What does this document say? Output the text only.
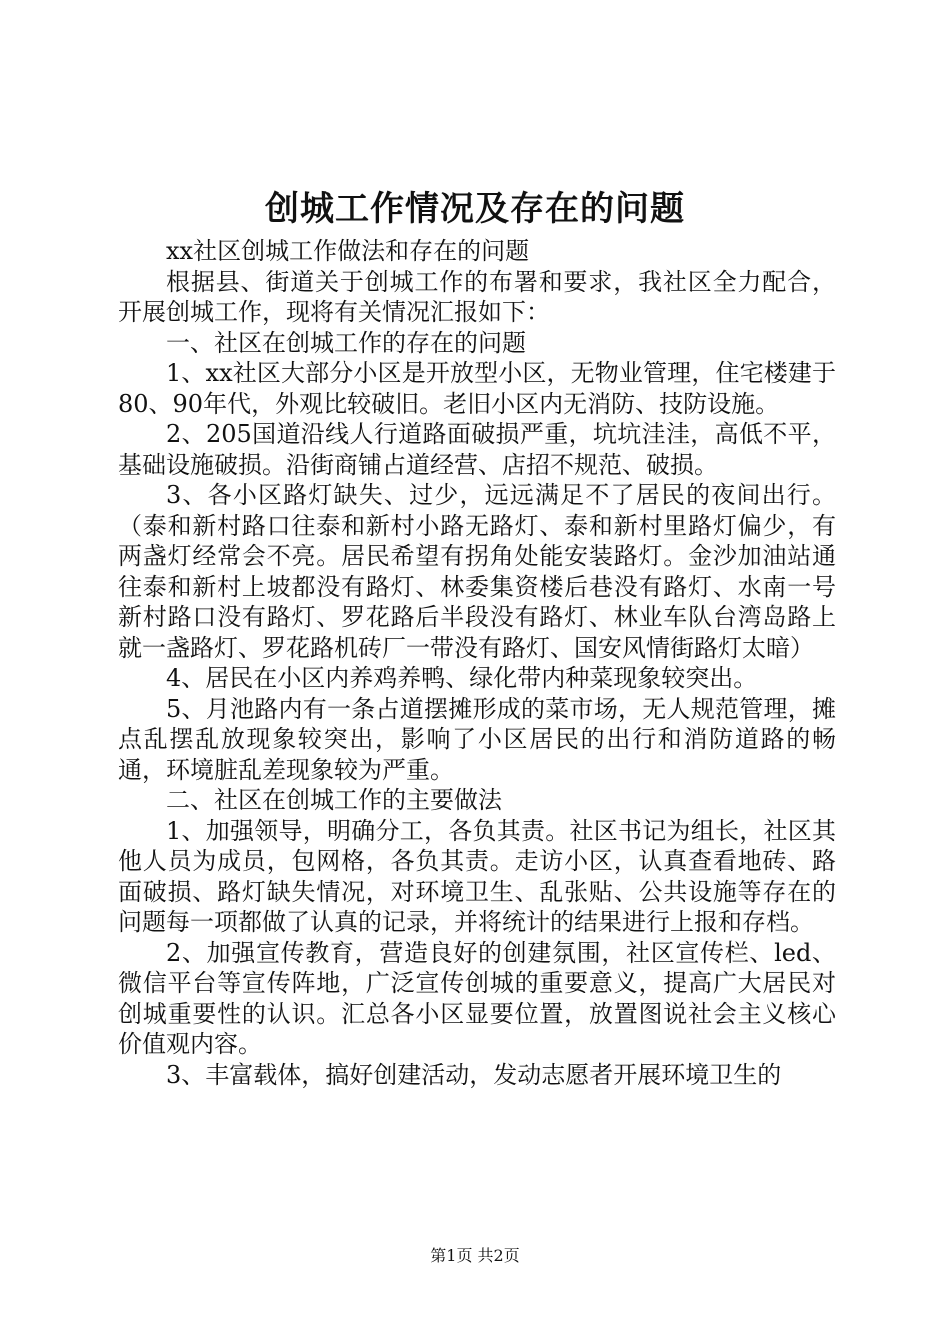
创城工作情况及存在的问题

xx社区创城工作做法和存在的问题

根据县、街道关于创城工作的布署和要求，我社区全力配合，开展创城工作，现将有关情况汇报如下：

一、社区在创城工作的存在的问题

1、xx社区大部分小区是开放型小区，无物业管理，住宅楼建于80、90年代，外观比较破旧。老旧小区内无消防、技防设施。

2、205国道沿线人行道路面破损严重，坑坑洼洼，高低不平，基础设施破损。沿街商铺占道经营、店招不规范、破损。

3、各小区路灯缺失、过少，远远满足不了居民的夜间出行。（泰和新村路口往泰和新村小路无路灯、泰和新村里路灯偏少，有两盏灯经常会不亮。居民希望有拐角处能安装路灯。金沙加油站通往泰和新村上坡都没有路灯、林委集资楼后巷没有路灯、水南一号新村路口没有路灯、罗花路后半段没有路灯、林业车队台湾岛路上就一盏路灯、罗花路机砖厂一带没有路灯、国安风情街路灯太暗）

4、居民在小区内养鸡养鸭、绿化带内种菜现象较突出。

5、月池路内有一条占道摆摊形成的菜市场，无人规范管理，摊点乱摆乱放现象较突出，影响了小区居民的出行和消防道路的畅通，环境脏乱差现象较为严重。

二、社区在创城工作的主要做法

1、加强领导，明确分工，各负其责。社区书记为组长，社区其他人员为成员，包网格，各负其责。走访小区，认真查看地砖、路面破损、路灯缺失情况，对环境卫生、乱张贴、公共设施等存在的问题每一项都做了认真的记录，并将统计的结果进行上报和存档。

2、加强宣传教育，营造良好的创建氛围，社区宣传栏、led、微信平台等宣传阵地，广泛宣传创城的重要意义，提高广大居民对创城重要性的认识。汇总各小区显要位置，放置图说社会主义核心价值观内容。

3、丰富载体，搞好创建活动，发动志愿者开展环境卫生的

第1页 共2页
